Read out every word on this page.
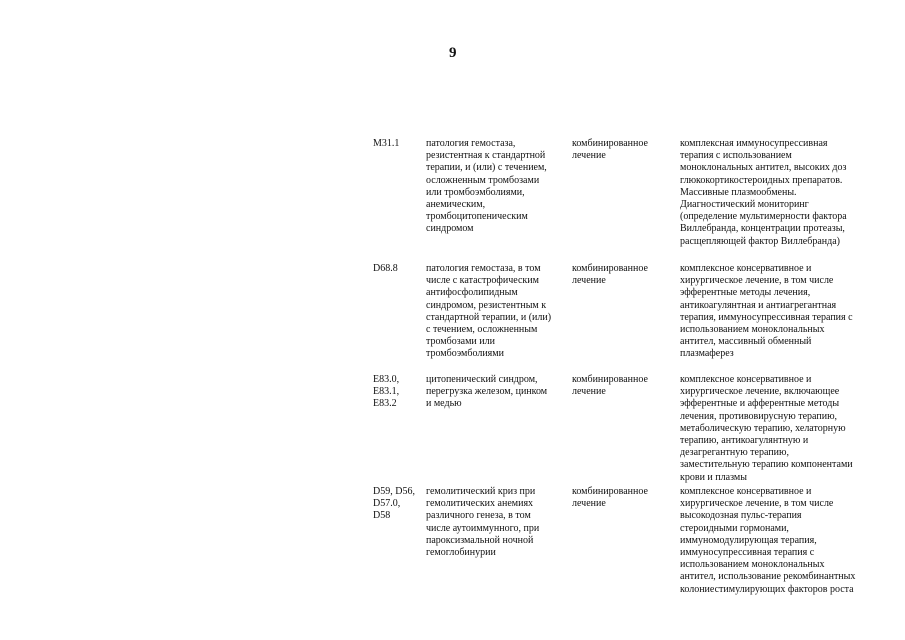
9
M31.1	патология гемостаза,
резистентная к стандартной
терапии, и (или) с течением,
осложненным тромбозами
или тромбоэмболиями,
анемическим,
тромбоцитопеническим
синдромом
комбинированное
лечение
комплексная иммуносупрессивная
терапия с использованием
моноклональных антител, высоких доз
глюкокортикостероидных препаратов.
Массивные плазмообмены.
Диагностический мониторинг
(определение мультимерности фактора
Виллебранда, концентрации протеазы,
расщепляющей фактор Виллебранда)
D68.8	патология гемостаза, в том
числе с катастрофическим
антифосфолипидным
синдромом, резистентным к
стандартной терапии, и (или)
с течением, осложненным
тромбозами или
тромбоэмболиями
комбинированное
лечение
комплексное консервативное и
хирургическое лечение, в том числе
эфферентные методы лечения,
антикоагулянтная и антиагрегантная
терапия, иммуносупрессивная терапия с
использованием моноклональных
антител, массивный обменный
плазмаферез
E83.0,
E83.1,
E83.2
цитопенический синдром,
перегрузка железом, цинком
и медью
комбинированное
лечение
комплексное консервативное и
хирургическое лечение, включающее
эфферентные и афферентные методы
лечения, противовирусную терапию,
метаболическую терапию, хелаторную
терапию, антикоагулянтную и
дезагрегантную терапию,
заместительную терапию компонентами
крови и плазмы
D59, D56,
D57.0,
D58
гемолитический криз при
гемолитических анемиях
различного генеза, в том
числе аутоиммунного, при
пароксизмальной ночной
гемоглобинурии
комбинированное
лечение
комплексное консервативное и
хирургическое лечение, в том числе
высокодозная пульс-терапия
стероидными гормонами,
иммуномодулирующая терапия,
иммуносупрессивная терапия с
использованием моноклональных
антител, использование рекомбинантных
колониестимулирующих факторов роста
